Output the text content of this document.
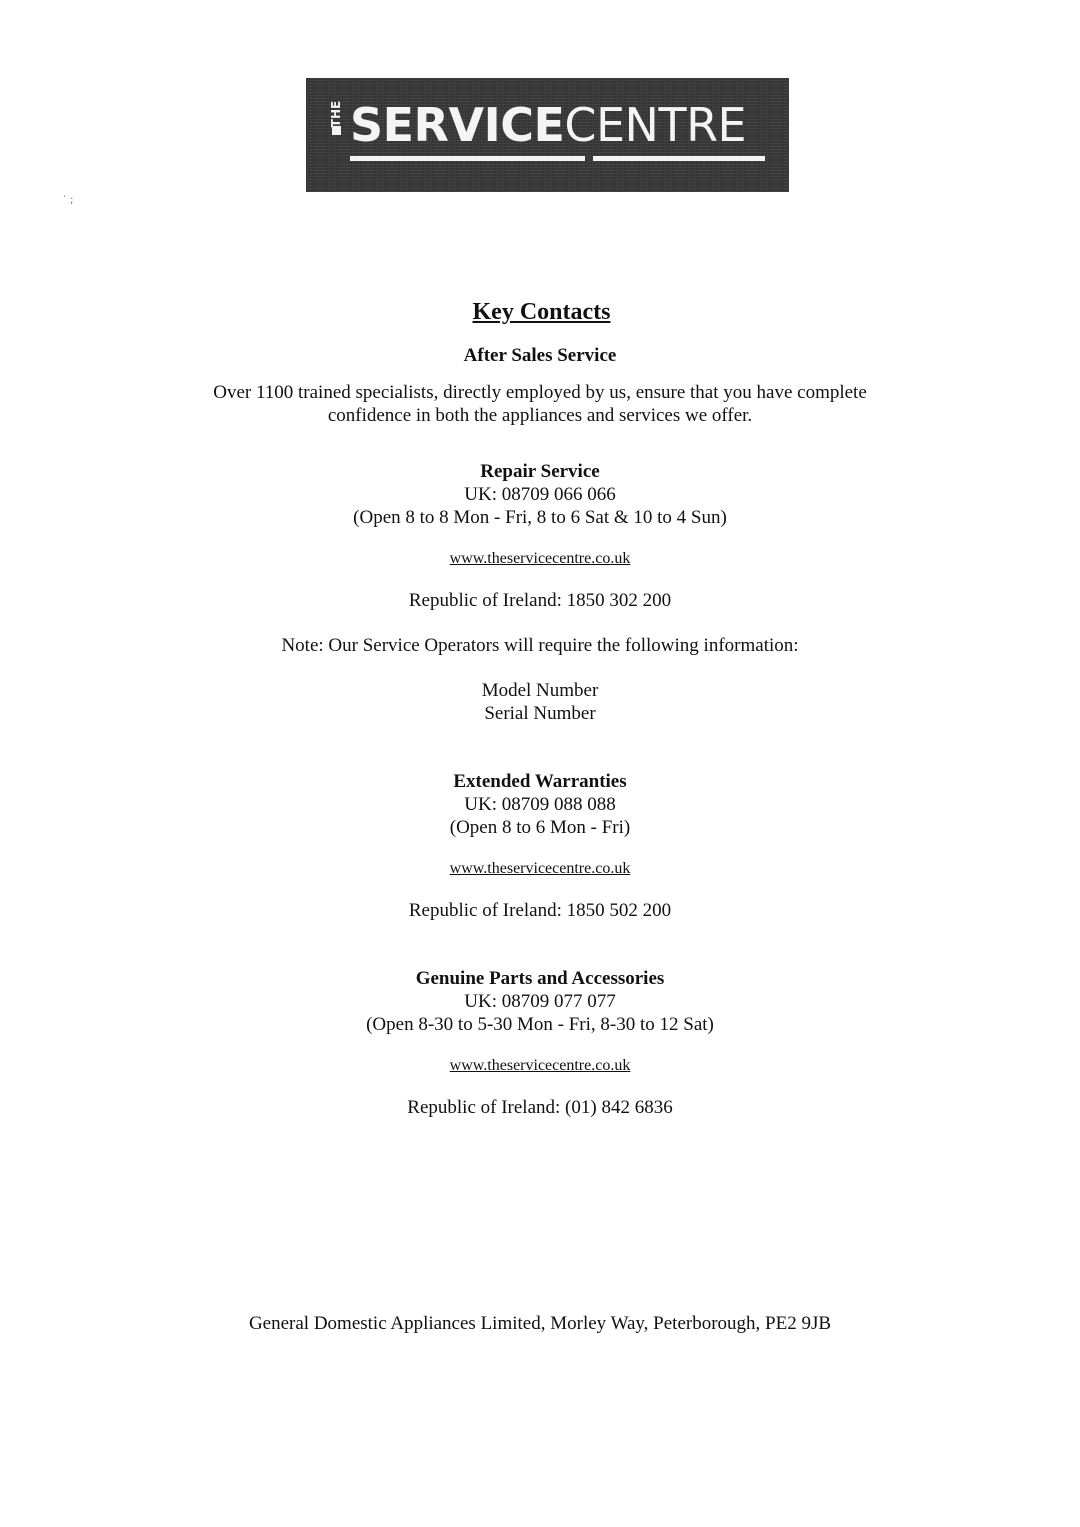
˙ ;
THE SERVICECENTRE
Key Contacts
After Sales Service
Over 1100 trained specialists, directly employed by us, ensure that you have complete
confidence in both the appliances and services we offer.
Repair Service
UK: 08709 066 066
(Open 8 to 8 Mon - Fri, 8 to 6 Sat & 10 to 4 Sun)
www.theservicecentre.co.uk
Republic of Ireland: 1850 302 200
Note: Our Service Operators will require the following information:
Model Number
Serial Number
Extended Warranties
UK: 08709 088 088
(Open 8 to 6 Mon - Fri)
www.theservicecentre.co.uk
Republic of Ireland: 1850 502 200
Genuine Parts and Accessories
UK: 08709 077 077
(Open 8-30 to 5-30 Mon - Fri, 8-30 to 12 Sat)
www.theservicecentre.co.uk
Republic of Ireland: (01) 842 6836
General Domestic Appliances Limited, Morley Way, Peterborough, PE2 9JB
